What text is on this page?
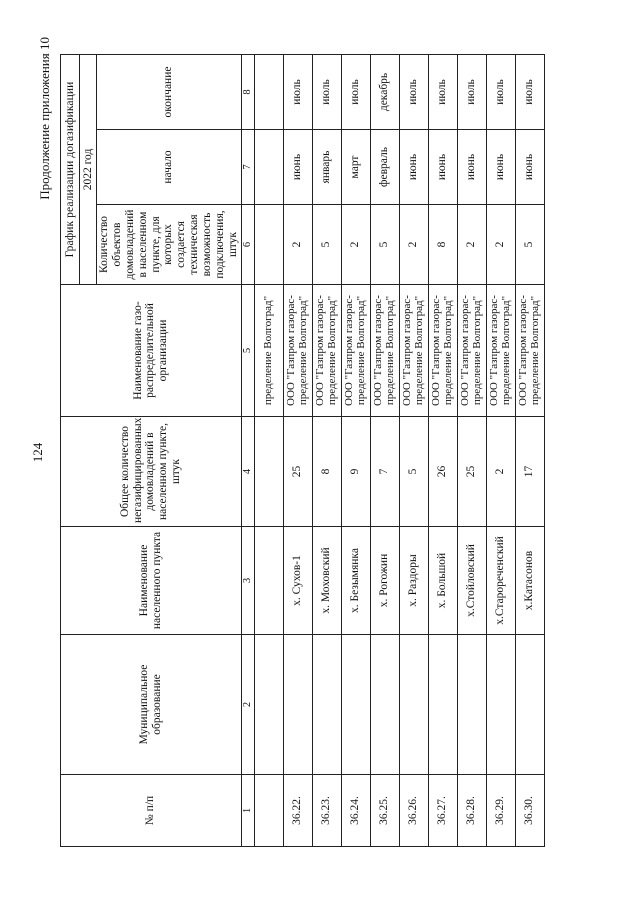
124
Продолжение приложения 10
№ п/п	Муниципальное образование	Наименование населенного пункта	Общее количество негазифицированных домовладений в населенном пункте, штук	Наименование газо-распределительной организации	График реализации догазификации		
					2022 год		
					Количество объектов домовладений в населенном пункте, для которых создается техническая возможность подключения, штук	начало	окончание
1	2	3	4	5	6	7	8
				пределение Волгоград"			
36.22.		х. Сухов-1	25	ООО "Газпром газорас- пределение Волгоград"	2	июнь	июль
36.23.		х. Моховский	8	ООО "Газпром газорас- пределение Волгоград"	5	январь	июль
36.24.		х. Безымянка	9	ООО "Газпром газорас- пределение Волгоград"	2	март	июль
36.25.		х. Рогожин	7	ООО "Газпром газорас- пределение Волгоград"	5	февраль	декабрь
36.26.		х. Раздоры	5	ООО "Газпром газорас- пределение Волгоград"	2	июнь	июль
36.27.		х. Большой	26	ООО "Газпром газорас- пределение Волгоград"	8	июнь	июль
36.28.		х.Стойловский	25	ООО "Газпром газорас- пределение Волгоград"	2	июнь	июль
36.29.		х.Старореченский	2	ООО "Газпром газорас- пределение Волгоград"	2	июнь	июль
36.30.		х.Катасонов	17	ООО "Газпром газорас- пределение Волгоград"	5	июнь	июль
